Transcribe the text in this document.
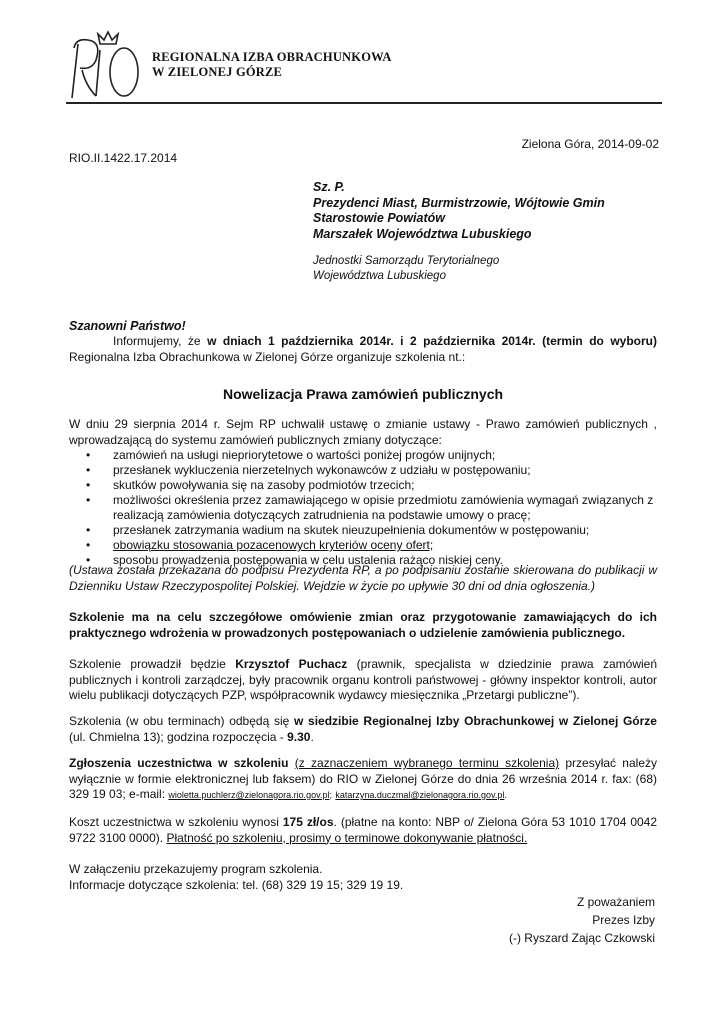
REGIONALNA IZBA OBRACHUNKOWA
W ZIELONEJ GÓRZE
Zielona Góra, 2014-09-02
RIO.II.1422.17.2014
Sz. P.
Prezydenci Miast, Burmistrzowie, Wójtowie Gmin
Starostowie Powiatów
Marszałek Województwa Lubuskiego
Jednostki Samorządu Terytorialnego
Województwa Lubuskiego
Szanowni Państwo!
Informujemy, że w dniach 1 października 2014r. i 2 października 2014r. (termin do wyboru) Regionalna Izba Obrachunkowa w Zielonej Górze organizuje szkolenia nt.:
Nowelizacja Prawa zamówień publicznych
W dniu 29 sierpnia 2014 r. Sejm RP uchwalił ustawę o zmianie ustawy - Prawo zamówień publicznych , wprowadzającą do systemu zamówień publicznych zmiany dotyczące:
• zamówień na usługi niepriorytetowe o wartości poniżej progów unijnych;
• przesłanek wykluczenia nierzetelnych wykonawców z udziału w postępowaniu;
• skutków powoływania się na zasoby podmiotów trzecich;
• możliwości określenia przez zamawiającego w opisie przedmiotu zamówienia wymagań związanych z realizacją zamówienia dotyczących zatrudnienia na podstawie umowy o pracę;
• przesłanek zatrzymania wadium na skutek nieuzupełnienia dokumentów w postępowaniu;
• obowiązku stosowania pozacenowych kryteriów oceny ofert;
• sposobu prowadzenia postępowania w celu ustalenia rażąco niskiej ceny.
(Ustawa została przekazana do podpisu Prezydenta RP, a po podpisaniu zostanie skierowana do publikacji w Dzienniku Ustaw Rzeczypospolitej Polskiej. Wejdzie w życie po upływie 30 dni od dnia ogłoszenia.)
Szkolenie ma na celu szczegółowe omówienie zmian oraz przygotowanie zamawiających do ich praktycznego wdrożenia w prowadzonych postępowaniach o udzielenie zamówienia publicznego.
Szkolenie prowadził będzie Krzysztof Puchacz (prawnik, specjalista w dziedzinie prawa zamówień publicznych i kontroli zarządczej, były pracownik organu kontroli państwowej - główny inspektor kontroli, autor wielu publikacji dotyczących PZP, współpracownik wydawcy miesięcznika „Przetargi publiczne”).
Szkolenia (w obu terminach) odbędą się w siedzibie Regionalnej Izby Obrachunkowej w Zielonej Górze (ul. Chmielna 13); godzina rozpoczęcia - 9.30.
Zgłoszenia uczestnictwa w szkoleniu (z zaznaczeniem wybranego terminu szkolenia) przesyłać należy wyłącznie w formie elektronicznej lub faksem) do RIO w Zielonej Górze do dnia 26 września 2014 r. fax: (68) 329 19 03; e-mail: wioletta.puchlerz@zielonagora.rio.gov.pl; katarzyna.duczmal@zielonagora.rio.gov.pl.
Koszt uczestnictwa w szkoleniu wynosi 175 zł/os. (płatne na konto: NBP o/ Zielona Góra 53 1010 1704 0042 9722 3100 0000). Płatność po szkoleniu, prosimy o terminowe dokonywanie płatności.
W załączeniu przekazujemy program szkolenia.
Informacje dotyczące szkolenia: tel. (68) 329 19 15; 329 19 19.
Z poważaniem
Prezes Izby
(-) Ryszard Zając Czkowski
